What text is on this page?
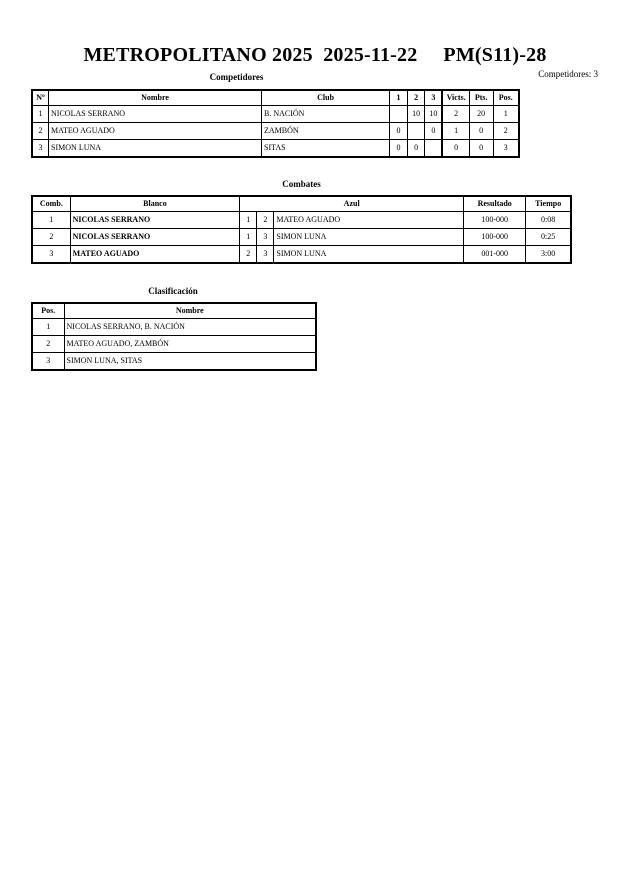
METROPOLITANO 2025  2025-11-22     PM(S11)-28
Competidores: 3
Competidores
Nº	Nombre	Club	1	2	3	Victs.	Pts.	Pos.
1	NICOLAS SERRANO	B. NACIÓN		10	10	2	20	1
2	MATEO AGUADO	ZAMBÓN	0		0	1	0	2
3	SIMON LUNA	SITAS	0	0		0	0	3
Combates
Comb.	Blanco	Azul			Resultado	Tiempo
1	NICOLAS SERRANO	1	2	MATEO AGUADO	100-000	0:08
2	NICOLAS SERRANO	1	3	SIMON LUNA	100-000	0:25
3	MATEO AGUADO	2	3	SIMON LUNA	001-000	3:00
Clasificación
Pos.	Nombre
1	NICOLAS SERRANO, B. NACIÓN
2	MATEO AGUADO, ZAMBÓN
3	SIMON LUNA, SITAS
